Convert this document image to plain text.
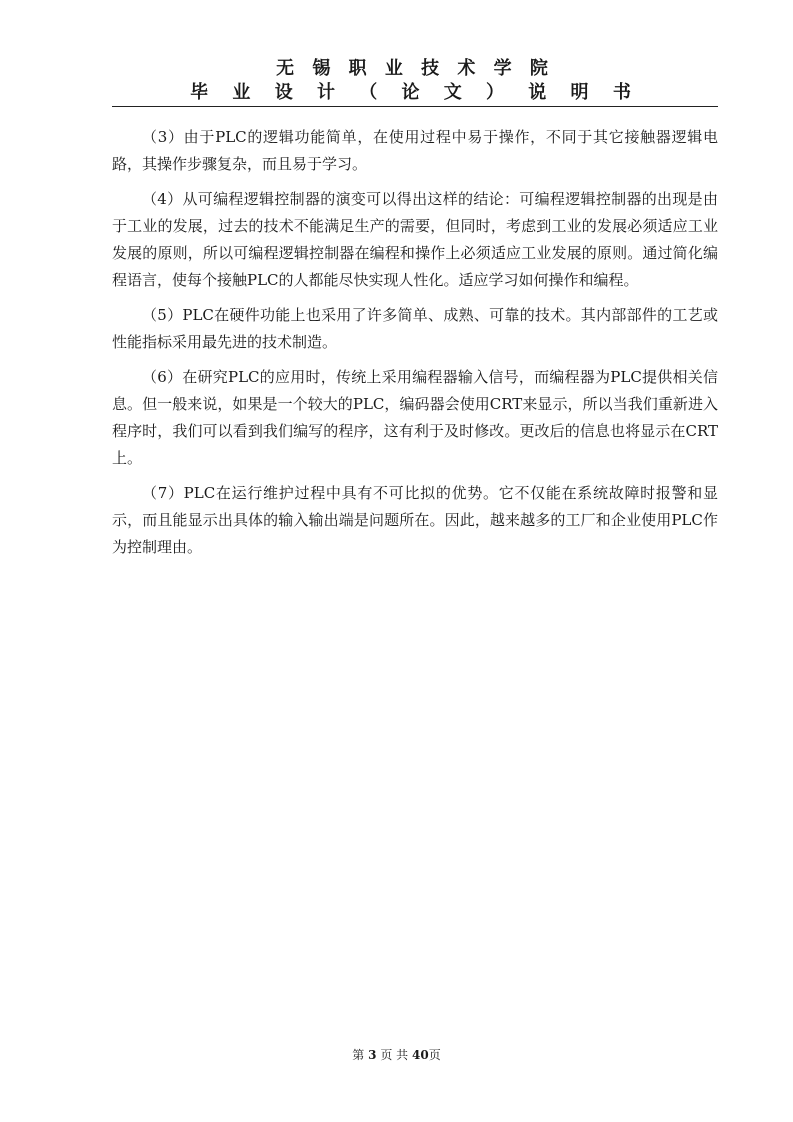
无 锡 职 业 技 术 学 院
毕 业 设 计 （ 论 文 ） 说 明 书

（3）由于PLC的逻辑功能简单，在使用过程中易于操作，不同于其它接触器逻辑电路，其操作步骤复杂，而且易于学习。

（4）从可编程逻辑控制器的演变可以得出这样的结论：可编程逻辑控制器的出现是由于工业的发展，过去的技术不能满足生产的需要，但同时，考虑到工业的发展必须适应工业发展的原则，所以可编程逻辑控制器在编程和操作上必须适应工业发展的原则。通过简化编程语言，使每个接触PLC的人都能尽快实现人性化。适应学习如何操作和编程。

（5）PLC在硬件功能上也采用了许多简单、成熟、可靠的技术。其内部部件的工艺或性能指标采用最先进的技术制造。

（6）在研究PLC的应用时，传统上采用编程器输入信号，而编程器为PLC提供相关信息。但一般来说，如果是一个较大的PLC，编码器会使用CRT来显示，所以当我们重新进入程序时，我们可以看到我们编写的程序，这有利于及时修改。更改后的信息也将显示在CRT上。

（7）PLC在运行维护过程中具有不可比拟的优势。它不仅能在系统故障时报警和显示，而且能显示出具体的输入输出端是问题所在。因此，越来越多的工厂和企业使用PLC作为控制理由。

第 3 页 共 40页
